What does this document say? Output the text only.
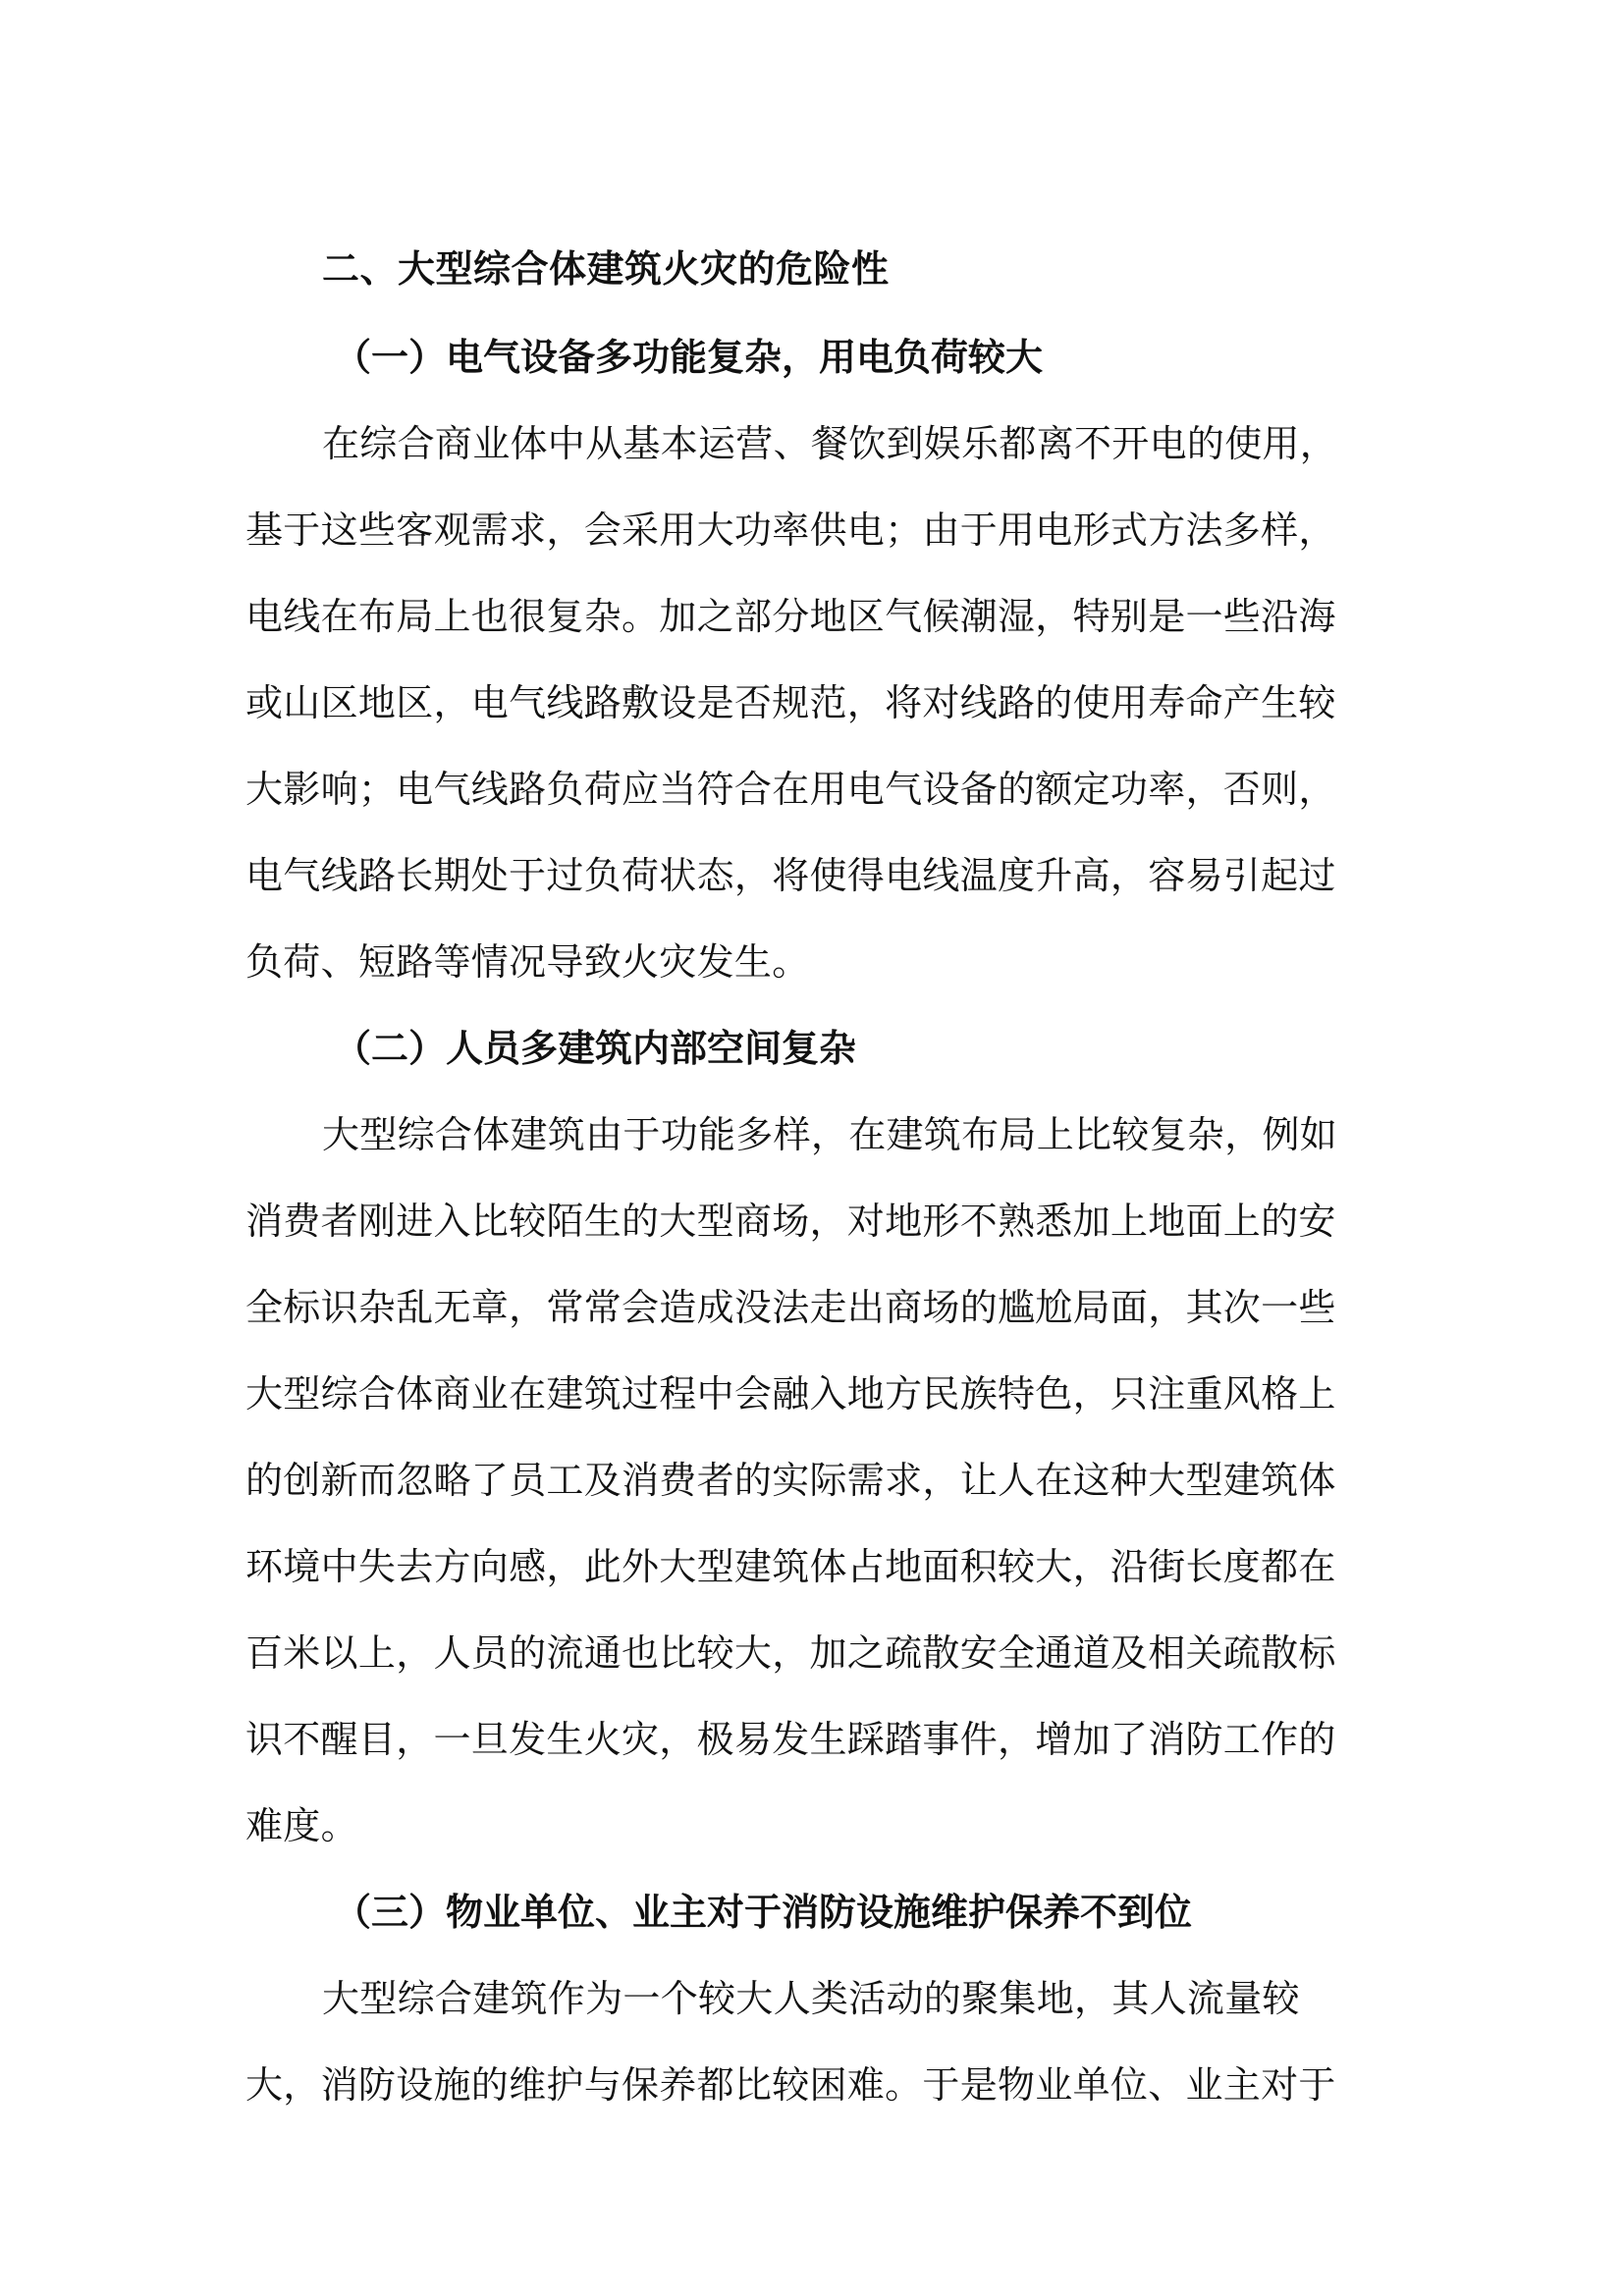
二、大型综合体建筑火灾的危险性
（一）电气设备多功能复杂，用电负荷较大
在综合商业体中从基本运营、餐饮到娱乐都离不开电的使用，
基于这些客观需求，会采用大功率供电；由于用电形式方法多样，
电线在布局上也很复杂。加之部分地区气候潮湿，特别是一些沿海
或山区地区，电气线路敷设是否规范，将对线路的使用寿命产生较
大影响；电气线路负荷应当符合在用电气设备的额定功率，否则，
电气线路长期处于过负荷状态，将使得电线温度升高，容易引起过
负荷、短路等情况导致火灾发生。
（二）人员多建筑内部空间复杂
大型综合体建筑由于功能多样，在建筑布局上比较复杂，例如
消费者刚进入比较陌生的大型商场，对地形不熟悉加上地面上的安
全标识杂乱无章，常常会造成没法走出商场的尴尬局面，其次一些
大型综合体商业在建筑过程中会融入地方民族特色，只注重风格上
的创新而忽略了员工及消费者的实际需求，让人在这种大型建筑体
环境中失去方向感，此外大型建筑体占地面积较大，沿街长度都在
百米以上，人员的流通也比较大，加之疏散安全通道及相关疏散标
识不醒目，一旦发生火灾，极易发生踩踏事件，增加了消防工作的
难度。
（三）物业单位、业主对于消防设施维护保养不到位
大型综合建筑作为一个较大人类活动的聚集地，其人流量较
大，消防设施的维护与保养都比较困难。于是物业单位、业主对于
